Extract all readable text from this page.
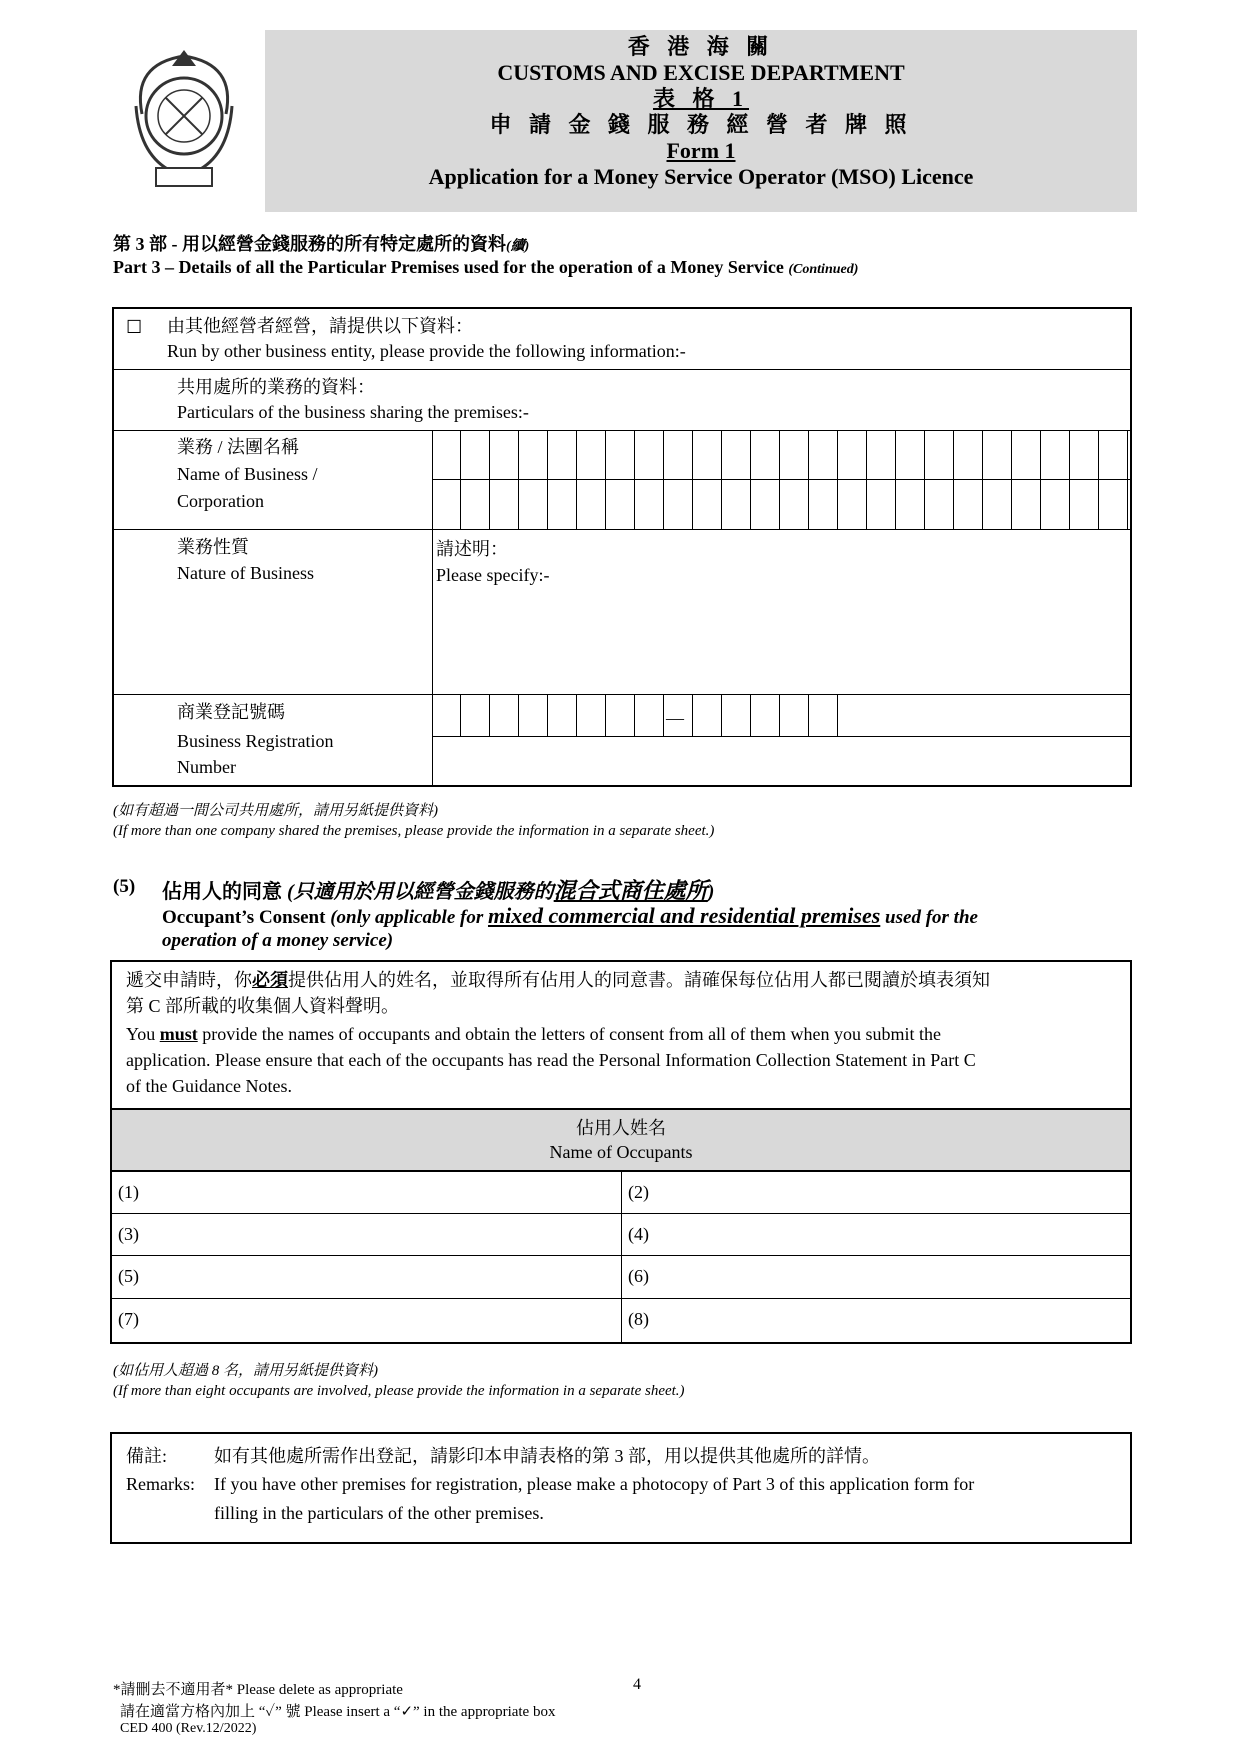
香 港 海 關
CUSTOMS AND EXCISE DEPARTMENT
表 格 1
申 請 金 錢 服 務 經 營 者 牌 照
Form 1
Application for a Money Service Operator (MSO) Licence
第 3 部 - 用以經營金錢服務的所有特定處所的資料(續)
Part 3 – Details of all the Particular Premises used for the operation of a Money Service (Continued)
☐ 由其他經營者經營，請提供以下資料：
Run by other business entity, please provide the following information:-
共用處所的業務的資料：
Particulars of the business sharing the premises:-
業務 / 法團名稱
Name of Business /
Corporation
業務性質
Nature of Business
請述明：
Please specify:-
商業登記號碼
Business Registration
Number
—
(如有超過一間公司共用處所，請用另紙提供資料)
(If more than one company shared the premises, please provide the information in a separate sheet.)
(5) 佔用人的同意 (只適用於用以經營金錢服務的混合式商住處所)
Occupant’s Consent (only applicable for mixed commercial and residential premises used for the
operation of a money service)
遞交申請時，你必須提供佔用人的姓名，並取得所有佔用人的同意書。請確保每位佔用人都已閱讀於填表須知
第 C 部所載的收集個人資料聲明。
You must provide the names of occupants and obtain the letters of consent from all of them when you submit the
application. Please ensure that each of the occupants has read the Personal Information Collection Statement in Part C
of the Guidance Notes.
佔用人姓名
Name of Occupants
(1)	(2)
(3)	(4)
(5)	(6)
(7)	(8)
(如佔用人超過 8 名，請用另紙提供資料)
(If more than eight occupants are involved, please provide the information in a separate sheet.)
備註:	如有其他處所需作出登記，請影印本申請表格的第 3 部，用以提供其他處所的詳情。
Remarks: If you have other premises for registration, please make a photocopy of Part 3 of this application form for
filling in the particulars of the other premises.
*請刪去不適用者* Please delete as appropriate
請在適當方格內加上 “✓” 號 Please insert a “✓” in the appropriate box
CED 400 (Rev.12/2022)
4
